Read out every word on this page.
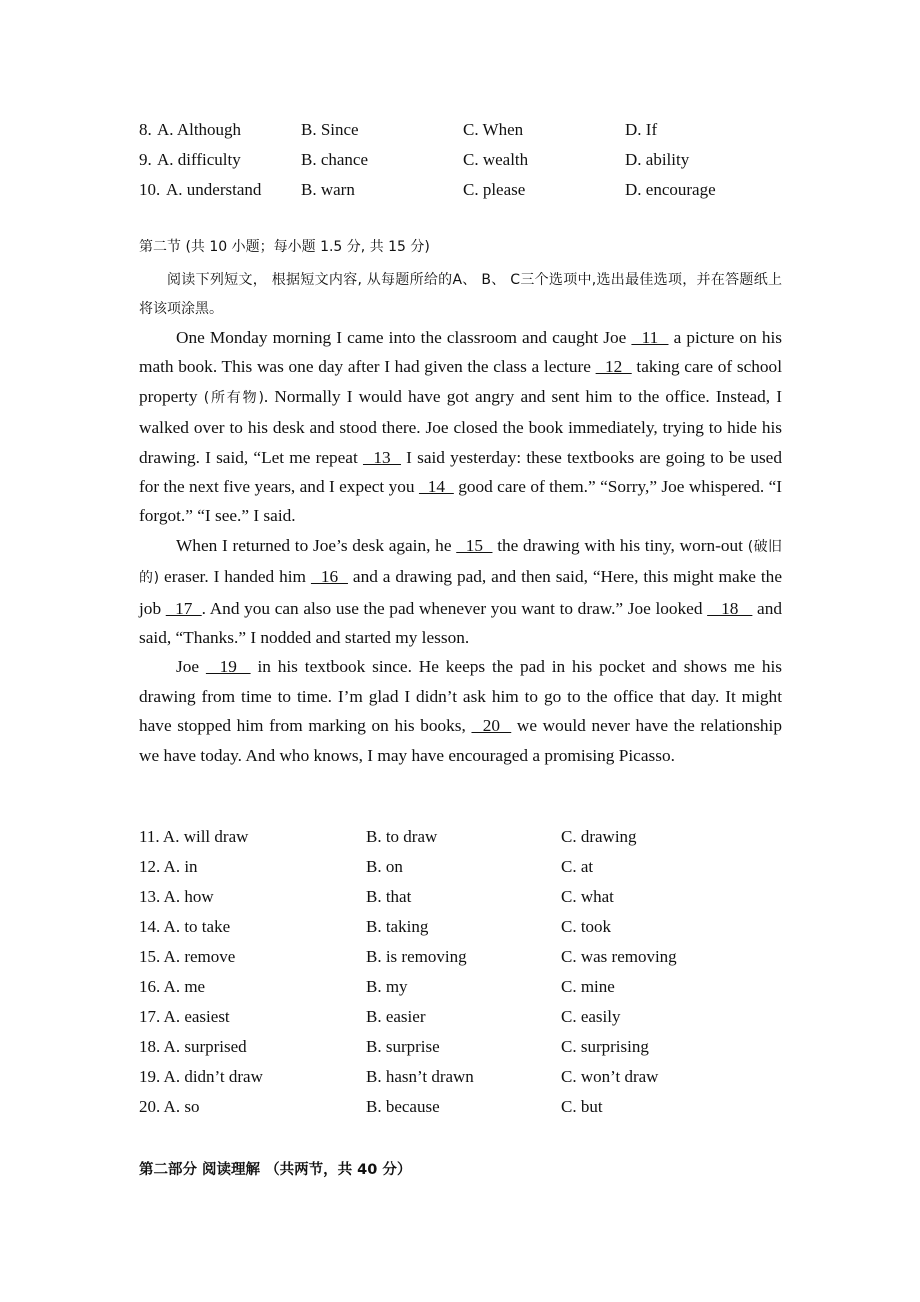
8. A. Although	B. Since	C. When	D. If
9. A. difficulty	B. chance	C. wealth	D. ability
10. A. understand B. warn	C. please	D. encourage
第二节 (共 10 小题；每小题 1.5 分, 共 15 分)
阅读下列短文， 根据短文内容, 从每题所给的A、 B、 C三个选项中,选出最佳选项，并在答题纸上将该项涂黑。

One Monday morning I came into the classroom and caught Joe   11   a picture on his math book. This was one day after I had given the class a lecture   12   taking care of school property (所有物). Normally I would have got angry and sent him to the office. Instead, I walked over to his desk and stood there. Joe closed the book immediately, trying to hide his drawing. I said, “Let me repeat   13   I said yesterday: these textbooks are going to be used for the next five years, and I expect you   14   good care of them.” “Sorry,” Joe whispered. “I forgot.” “I see.” I said.

When I returned to Joe’s desk again, he   15   the drawing with his tiny, worn-out (破旧的) eraser. I handed him   16   and a drawing pad, and then said, “Here, this might make the job   17  . And you can also use the pad whenever you want to draw.” Joe looked    18    and said, “Thanks.” I nodded and started my lesson.

Joe   19   in his textbook since. He keeps the pad in his pocket and shows me his drawing from time to time. I’m glad I didn’t ask him to go to the office that day. It might have stopped him from marking on his books,   20   we would never have the relationship we have today. And who knows, I may have encouraged a promising Picasso.

11. A. will draw	B. to draw	C. drawing
12. A. in	B. on	C. at
13. A. how	B. that	C. what
14. A. to take	B. taking	C. took
15. A. remove	B. is removing	C. was removing
16. A. me	B. my	C. mine
17. A. easiest	B. easier	C. easily
18. A. surprised	B. surprise	C. surprising
19. A. didn’t draw	B. hasn’t drawn	C. won’t draw
20. A. so	B. because	C. but
第二部分 阅读理解 （共两节，共 40 分）
